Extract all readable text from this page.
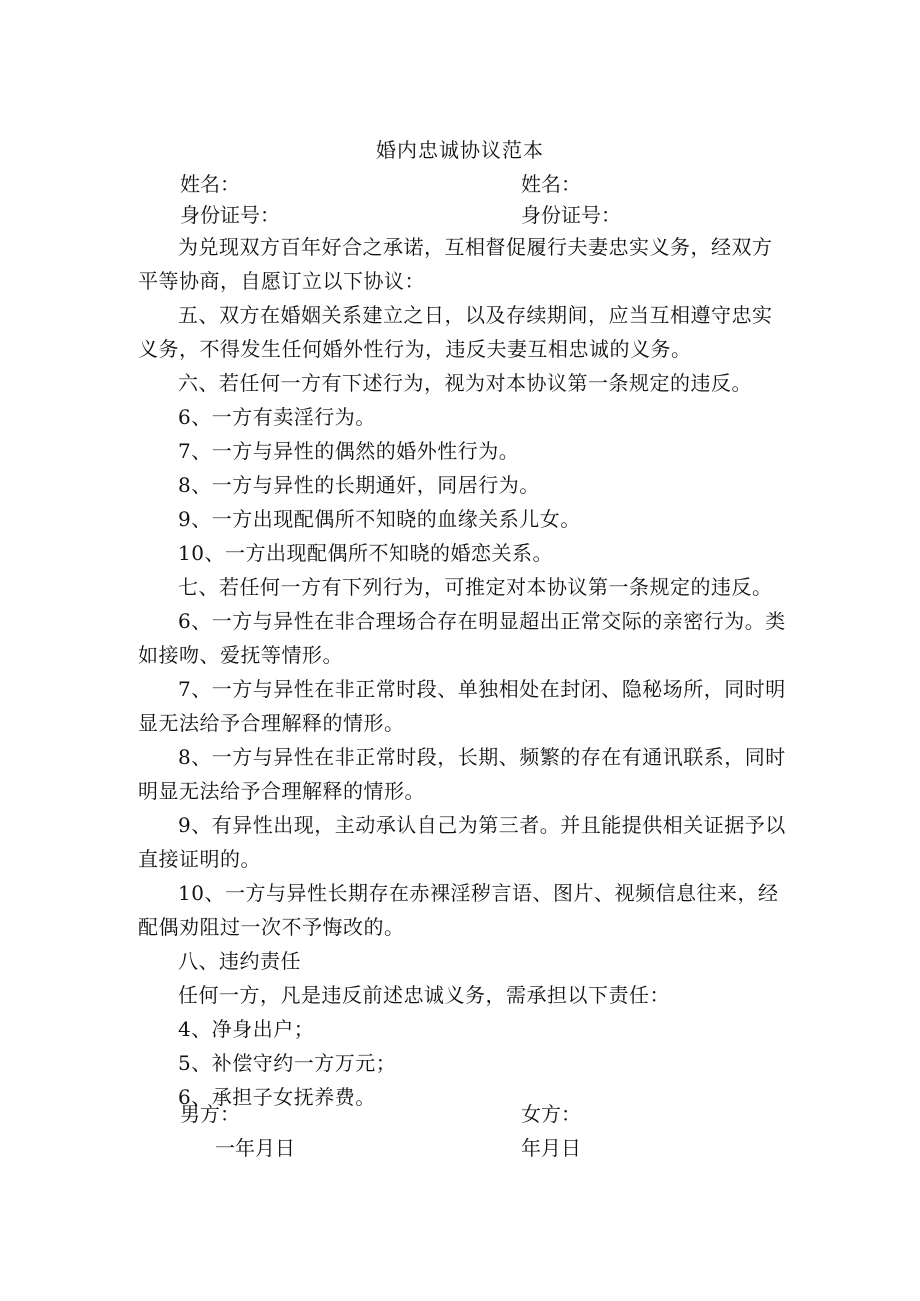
婚内忠诚协议范本
姓名：	姓名：
身份证号：	身份证号：

为兑现双方百年好合之承诺，互相督促履行夫妻忠实义务，经双方平等协商，自愿订立以下协议：

五、双方在婚姻关系建立之日，以及存续期间，应当互相遵守忠实义务，不得发生任何婚外性行为，违反夫妻互相忠诚的义务。

六、若任何一方有下述行为，视为对本协议第一条规定的违反。

6、一方有卖淫行为。

7、一方与异性的偶然的婚外性行为。

8、一方与异性的长期通奸，同居行为。

9、一方出现配偶所不知晓的血缘关系儿女。

10、一方出现配偶所不知晓的婚恋关系。

七、若任何一方有下列行为，可推定对本协议第一条规定的违反。

6、一方与异性在非合理场合存在明显超出正常交际的亲密行为。类如接吻、爱抚等情形。

7、一方与异性在非正常时段、单独相处在封闭、隐秘场所，同时明显无法给予合理解释的情形。

8、一方与异性在非正常时段，长期、频繁的存在有通讯联系，同时明显无法给予合理解释的情形。

9、有异性出现，主动承认自己为第三者。并且能提供相关证据予以直接证明的。

10、一方与异性长期存在赤裸淫秽言语、图片、视频信息往来，经配偶劝阻过一次不予悔改的。

八、违约责任

任何一方，凡是违反前述忠诚义务，需承担以下责任：

4、净身出户；

5、补偿守约一方万元；

6、承担子女抚养费。

男方：	女方：
一年月日	年月日
